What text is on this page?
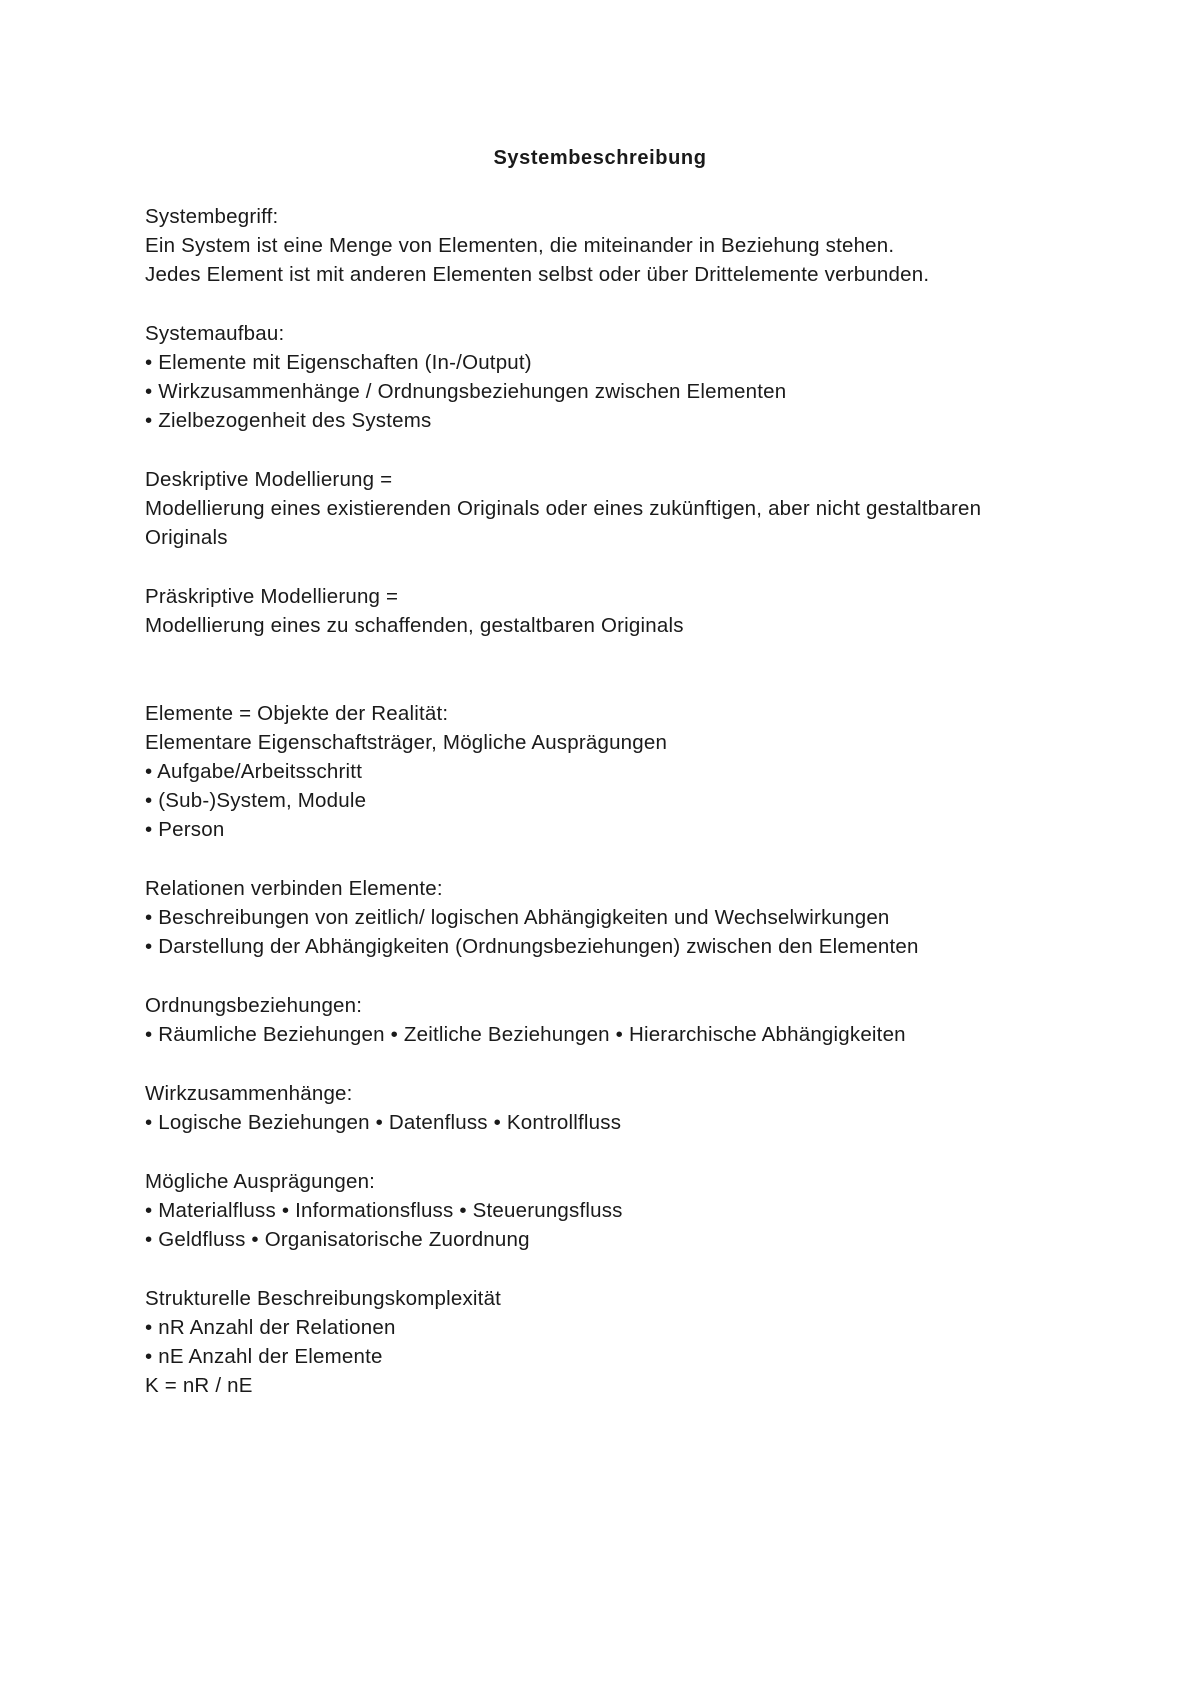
Systembeschreibung
Systembegriff:
Ein System ist eine Menge von Elementen, die miteinander in Beziehung stehen.
Jedes Element ist mit anderen Elementen selbst oder über Drittelemente verbunden.
Systemaufbau:
• Elemente mit Eigenschaften (In-/Output)
• Wirkzusammenhänge / Ordnungsbeziehungen zwischen Elementen
• Zielbezogenheit des Systems
Deskriptive Modellierung =
Modellierung eines existierenden Originals oder eines zukünftigen, aber nicht gestaltbaren
Originals
Präskriptive Modellierung =
Modellierung eines zu schaffenden, gestaltbaren Originals
Elemente = Objekte der Realität:
Elementare Eigenschaftsträger, Mögliche Ausprägungen
• Aufgabe/Arbeitsschritt
• (Sub-)System, Module
• Person
Relationen verbinden Elemente:
• Beschreibungen von zeitlich/ logischen Abhängigkeiten und Wechselwirkungen
• Darstellung der Abhängigkeiten (Ordnungsbeziehungen) zwischen den Elementen
Ordnungsbeziehungen:
• Räumliche Beziehungen • Zeitliche Beziehungen • Hierarchische Abhängigkeiten
Wirkzusammenhänge:
• Logische Beziehungen • Datenfluss • Kontrollfluss
Mögliche Ausprägungen:
• Materialfluss • Informationsfluss • Steuerungsfluss
• Geldfluss • Organisatorische Zuordnung
Strukturelle Beschreibungskomplexität
• nR Anzahl der Relationen
• nE Anzahl der Elemente
K = nR / nE
